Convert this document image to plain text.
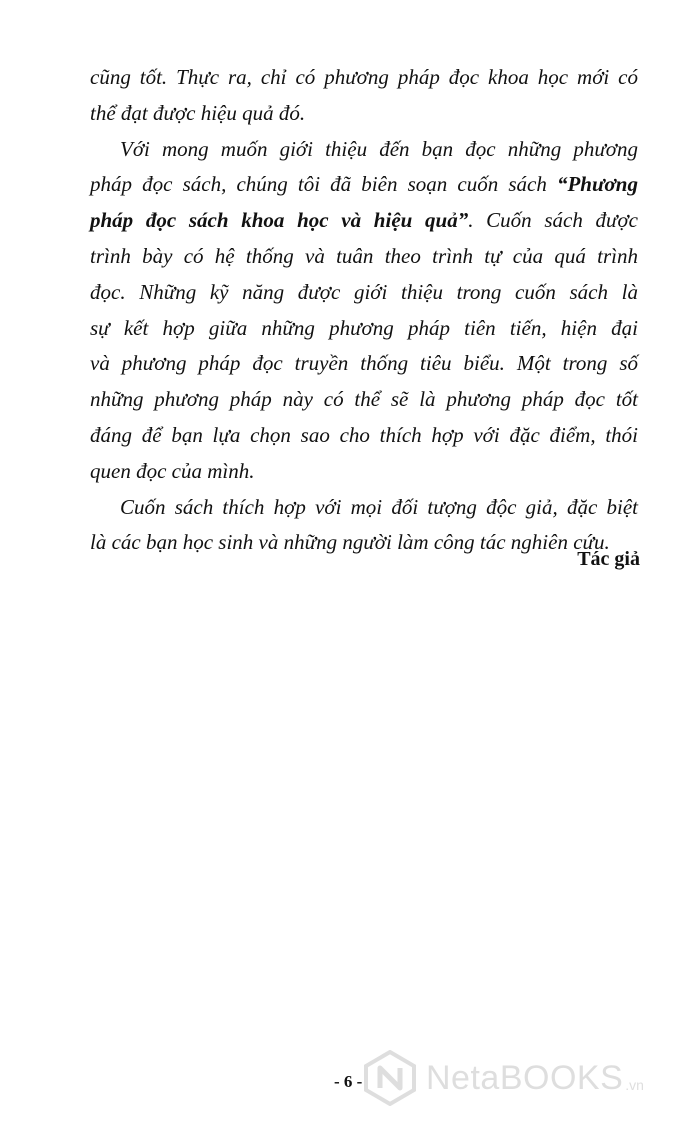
cũng tốt. Thực ra, chỉ có phương pháp đọc khoa học mới có
thể đạt được hiệu quả đó.
Với mong muốn giới thiệu đến bạn đọc những phương
pháp đọc sách, chúng tôi đã biên soạn cuốn sách “Phương
pháp đọc sách khoa học và hiệu quả”. Cuốn sách được
trình bày có hệ thống và tuân theo trình tự của quá trình
đọc. Những kỹ năng được giới thiệu trong cuốn sách là
sự kết hợp giữa những phương pháp tiên tiến, hiện đại
và phương pháp đọc truyền thống tiêu biểu. Một trong số
những phương pháp này có thể sẽ là phương pháp đọc tốt
đáng để bạn lựa chọn sao cho thích hợp với đặc điểm, thói
quen đọc của mình.
Cuốn sách thích hợp với mọi đối tượng độc giả, đặc biệt
là các bạn học sinh và những người làm công tác nghiên cứu.
Tác giả
- 6 - NetaBOOKS .vn
